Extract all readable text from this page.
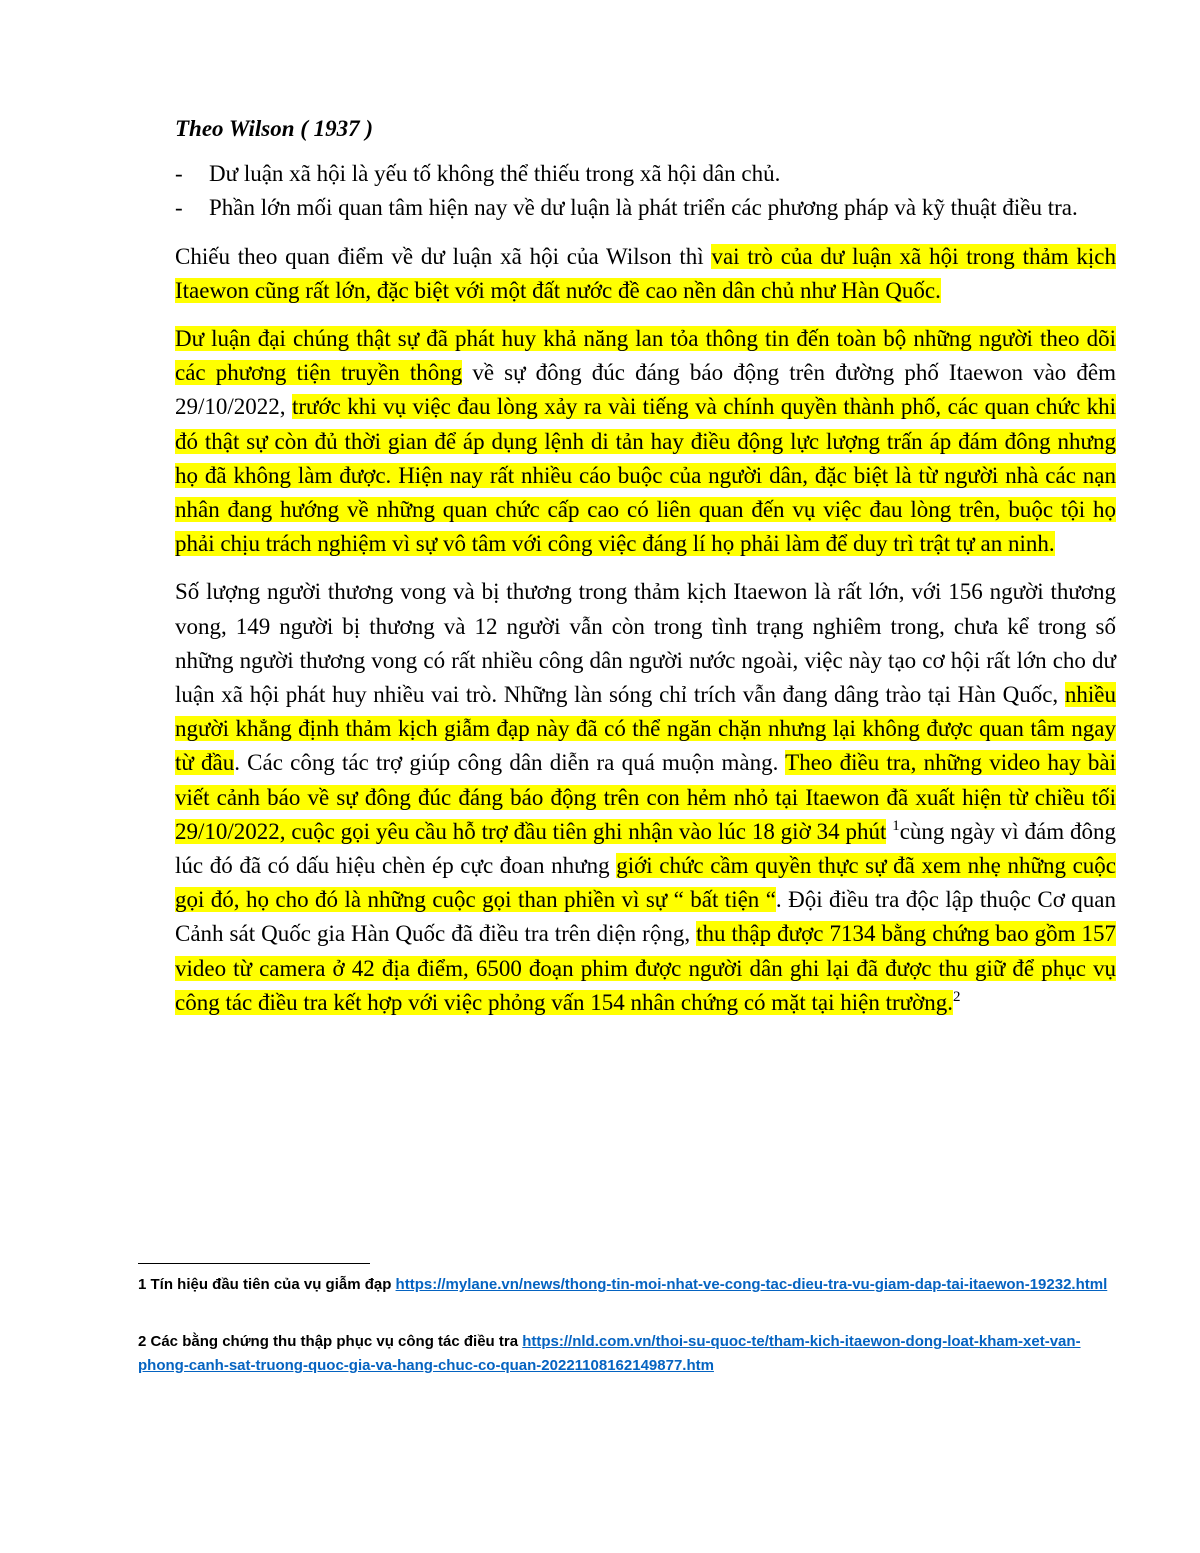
Theo Wilson ( 1937 )
- Dư luận xã hội là yếu tố không thể thiếu trong xã hội dân chủ.
- Phần lớn mối quan tâm hiện nay về dư luận là phát triển các phương pháp và kỹ thuật điều tra.

Chiếu theo quan điểm về dư luận xã hội của Wilson thì vai trò của dư luận xã hội trong thảm kịch Itaewon cũng rất lớn, đặc biệt với một đất nước đề cao nền dân chủ như Hàn Quốc.

Dư luận đại chúng thật sự đã phát huy khả năng lan tỏa thông tin đến toàn bộ những người theo dõi các phương tiện truyền thông về sự đông đúc đáng báo động trên đường phố Itaewon vào đêm 29/10/2022, trước khi vụ việc đau lòng xảy ra vài tiếng và chính quyền thành phố, các quan chức khi đó thật sự còn đủ thời gian để áp dụng lệnh di tản hay điều động lực lượng trấn áp đám đông nhưng họ đã không làm được. Hiện nay rất nhiều cáo buộc của người dân, đặc biệt là từ người nhà các nạn nhân đang hướng về những quan chức cấp cao có liên quan đến vụ việc đau lòng trên, buộc tội họ phải chịu trách nghiệm vì sự vô tâm với công việc đáng lí họ phải làm để duy trì trật tự an ninh.

Số lượng người thương vong và bị thương trong thảm kịch Itaewon là rất lớn, với 156 người thương vong, 149 người bị thương và 12 người vẫn còn trong tình trạng nghiêm trong, chưa kể trong số những người thương vong có rất nhiều công dân người nước ngoài, việc này tạo cơ hội rất lớn cho dư luận xã hội phát huy nhiều vai trò. Những làn sóng chỉ trích vẫn đang dâng trào tại Hàn Quốc, nhiều người khẳng định thảm kịch giẫm đạp này đã có thể ngăn chặn nhưng lại không được quan tâm ngay từ đầu. Các công tác trợ giúp công dân diễn ra quá muộn màng. Theo điều tra, những video hay bài viết cảnh báo về sự đông đúc đáng báo động trên con hẻm nhỏ tại Itaewon đã xuất hiện từ chiều tối 29/10/2022, cuộc gọi yêu cầu hỗ trợ đầu tiên ghi nhận vào lúc 18 giờ 34 phút $^1$cùng ngày vì đám đông lúc đó đã có dấu hiệu chèn ép cực đoan nhưng giới chức cầm quyền thực sự đã xem nhẹ những cuộc gọi đó, họ cho đó là những cuộc gọi than phiền vì sự “ bất tiện “. Đội điều tra độc lập thuộc Cơ quan Cảnh sát Quốc gia Hàn Quốc đã điều tra trên diện rộng, thu thập được 7134 bằng chứng bao gồm 157 video từ camera ở 42 địa điểm, 6500 đoạn phim được người dân ghi lại đã được thu giữ để phục vụ công tác điều tra kết hợp với việc phỏng vấn 154 nhân chứng có mặt tại hiện trường.$^2$

1 Tín hiệu đầu tiên của vụ giẫm đạp https://mylane.vn/news/thong-tin-moi-nhat-ve-cong-tac-dieu-tra-vu-giam-dap-tai-itaewon-19232.html
2 Các bằng chứng thu thập phục vụ công tác điều tra https://nld.com.vn/thoi-su-quoc-te/tham-kich-itaewon-dong-loat-kham-xet-van-phong-canh-sat-truong-quoc-gia-va-hang-chuc-co-quan-20221108162149877.htm
